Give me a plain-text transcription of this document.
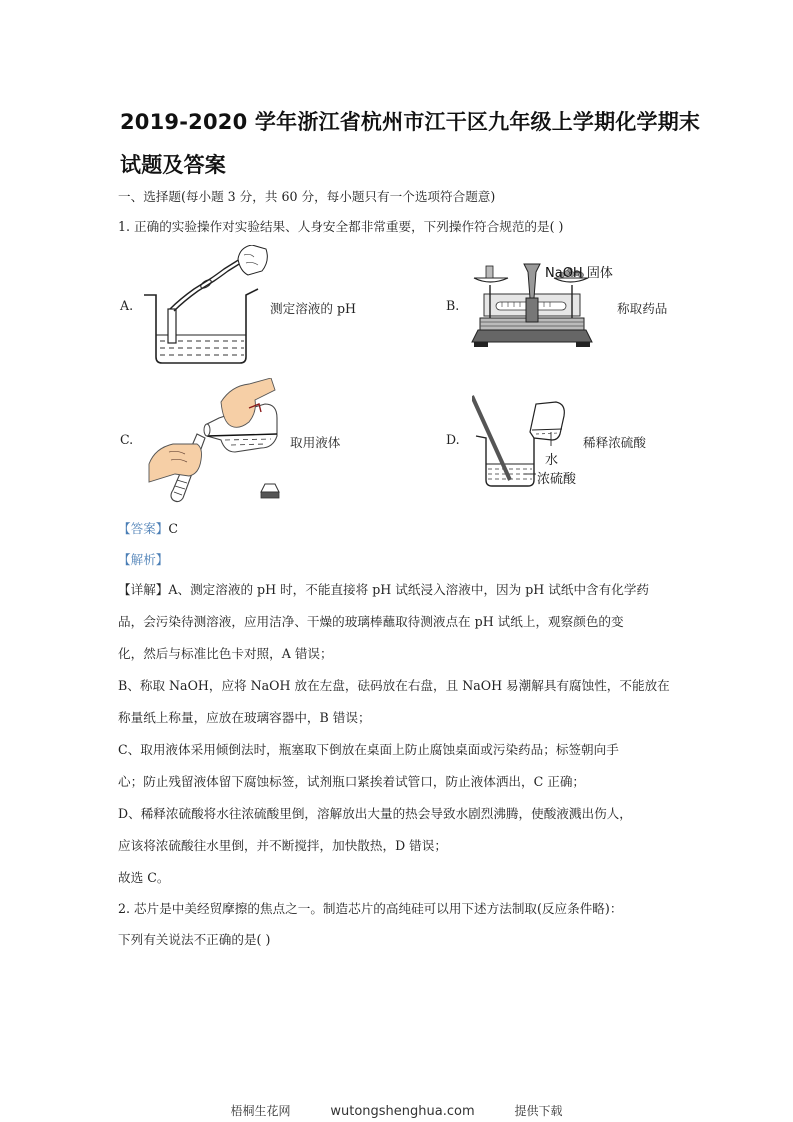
2019-2020 学年浙江省杭州市江干区九年级上学期化学期末
试题及答案
一、选择题(每小题 3 分，共 60 分，每小题只有一个选项符合题意)
1. 正确的实验操作对实验结果、人身安全都非常重要，下列操作符合规范的是( )
A.	测定溶液的 pH	B.
NaOH 固体
称取药品
C.	取用液体	D.
水
浓硫酸
稀释浓硫酸
【答案】C
【解析】
【详解】A、测定溶液的 pH 时，不能直接将 pH 试纸浸入溶液中，因为 pH 试纸中含有化学药
品，会污染待测溶液，应用洁净、干燥的玻璃棒蘸取待测液点在 pH 试纸上，观察颜色的变
化，然后与标准比色卡对照，A 错误；
B、称取 NaOH，应将 NaOH 放在左盘，砝码放在右盘，且 NaOH 易潮解具有腐蚀性，不能放在
称量纸上称量，应放在玻璃容器中，B 错误；
C、取用液体采用倾倒法时，瓶塞取下倒放在桌面上防止腐蚀桌面或污染药品；标签朝向手
心；防止残留液体留下腐蚀标签，试剂瓶口紧挨着试管口，防止液体洒出，C 正确；
D、稀释浓硫酸将水往浓硫酸里倒，溶解放出大量的热会导致水剧烈沸腾，使酸液溅出伤人，
应该将浓硫酸往水里倒，并不断搅拌，加快散热，D 错误；
故选 C。
2. 芯片是中美经贸摩擦的焦点之一。制造芯片的高纯硅可以用下述方法制取(反应条件略)：
下列有关说法不正确的是( )
梧桐生花网	wutongshenghua.com	提供下载
